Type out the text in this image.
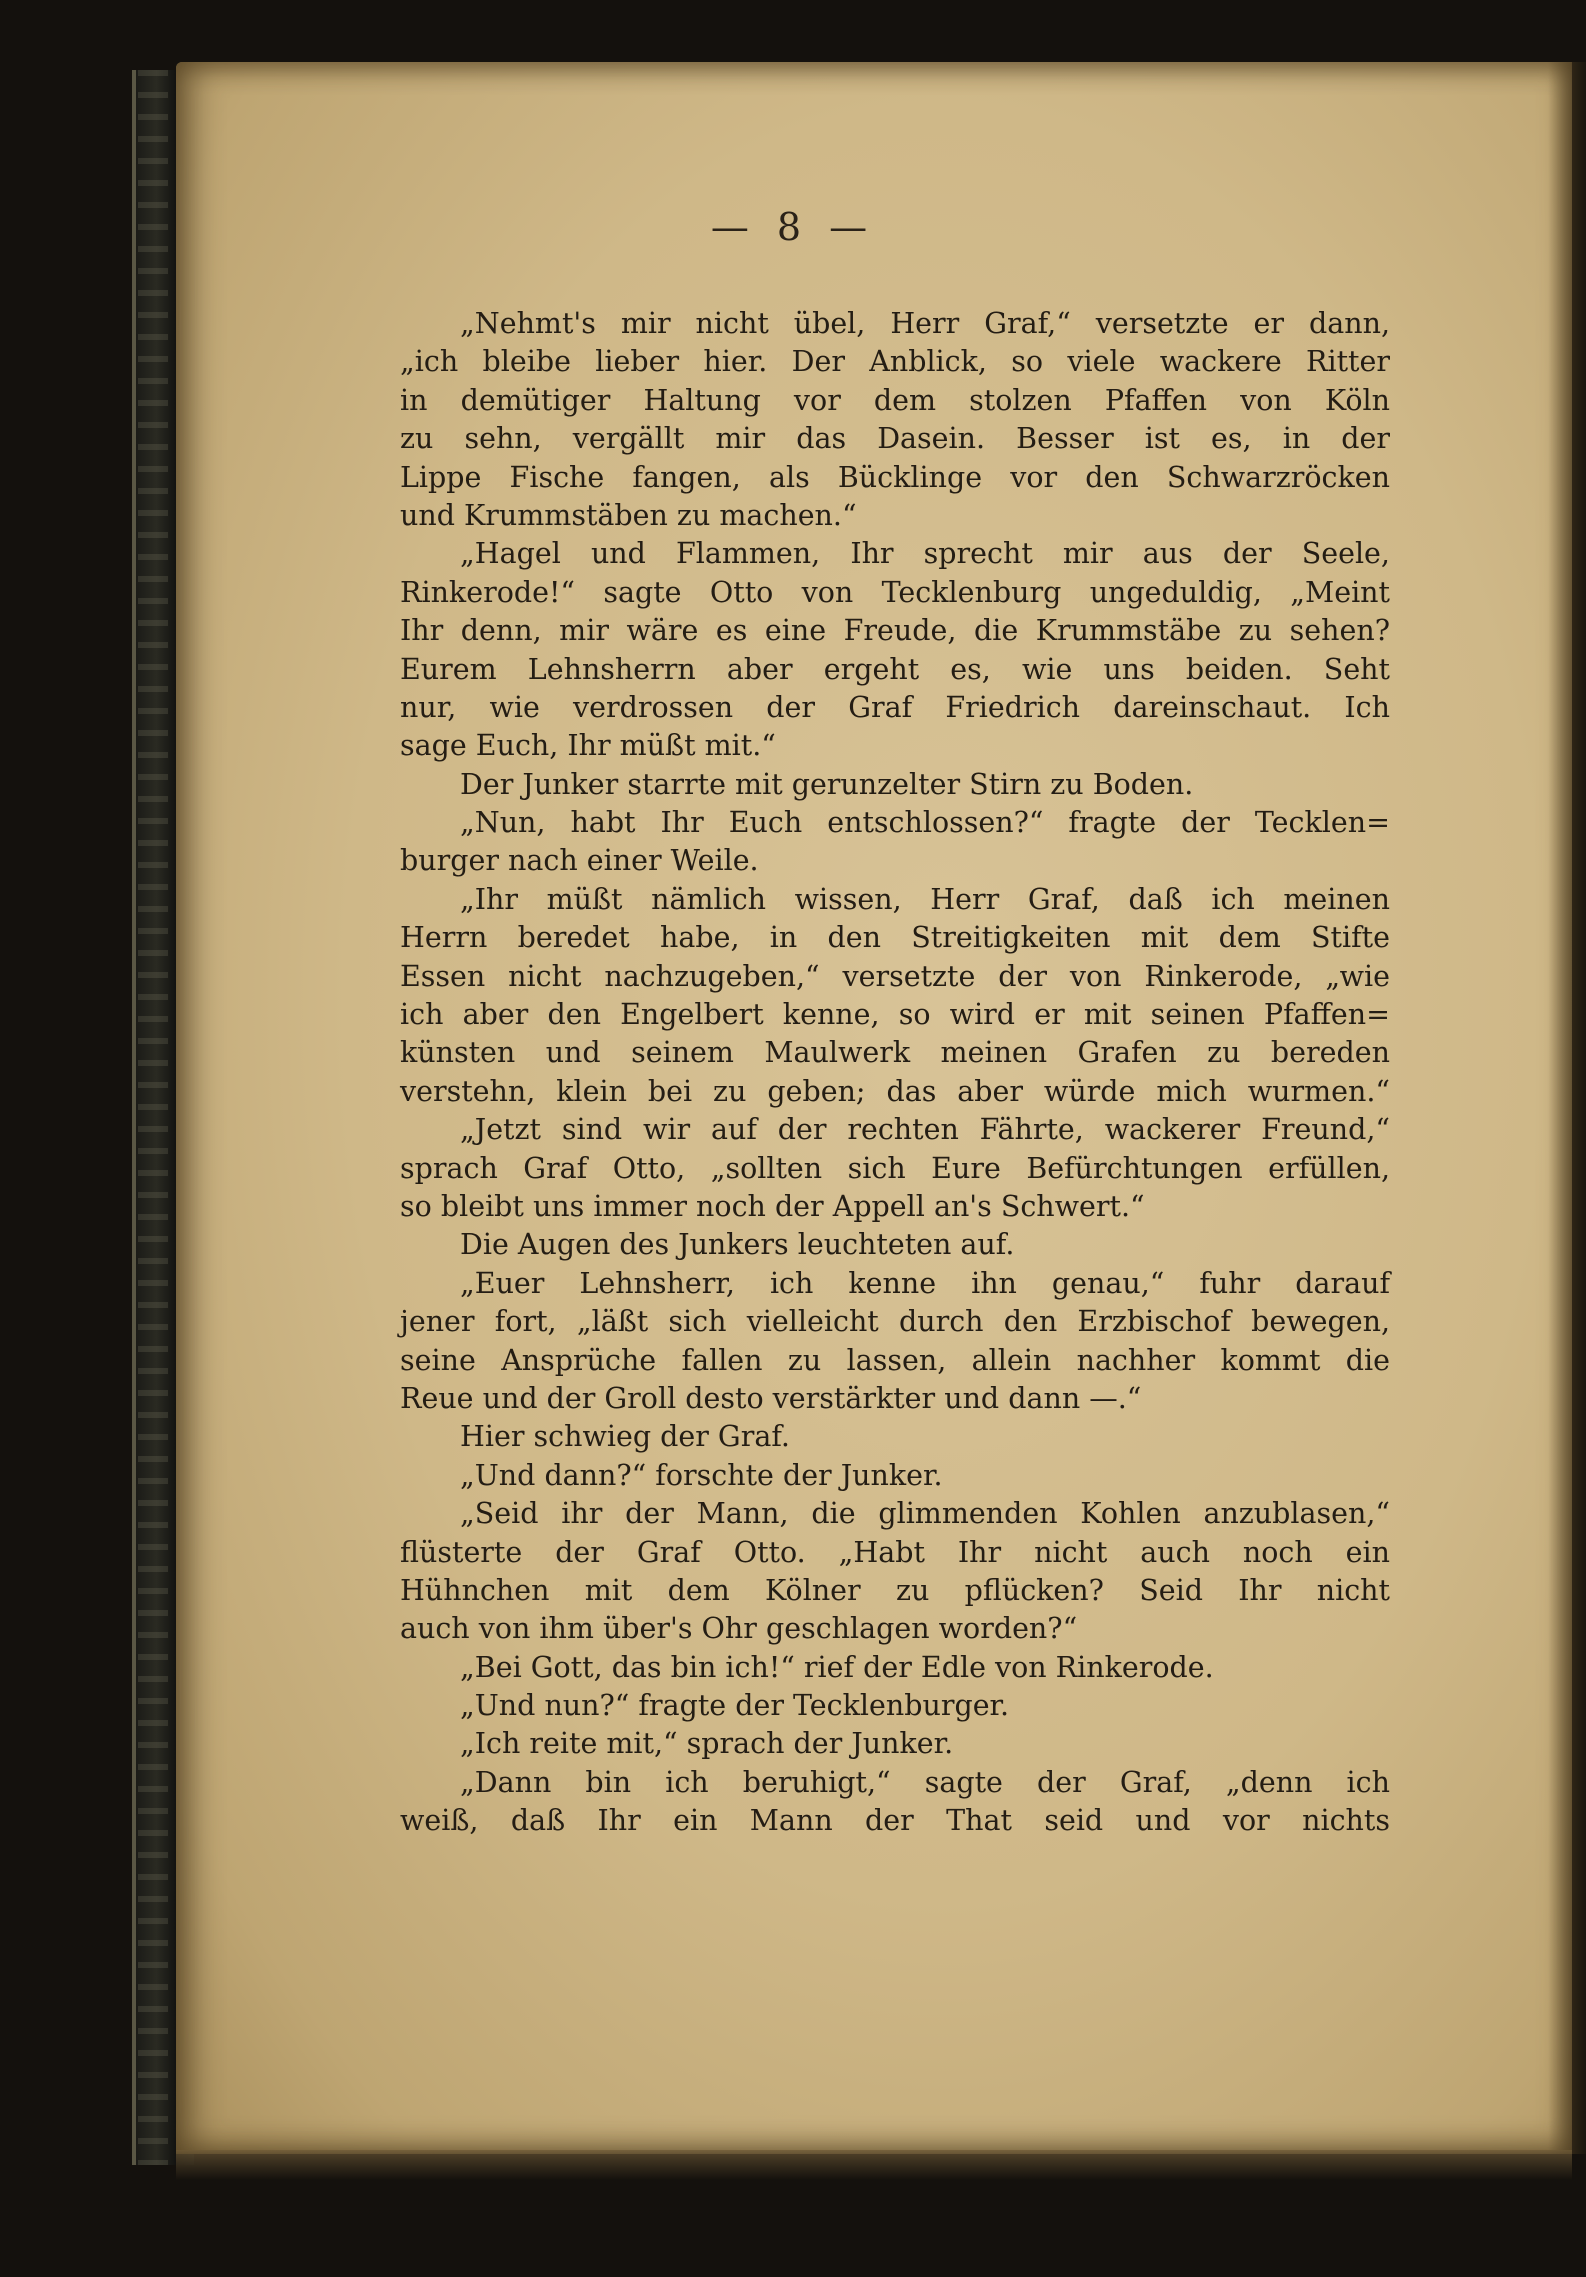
— 8 —
„Nehmt's mir nicht übel, Herr Graf,“ versetzte er dann,
„ich bleibe lieber hier. Der Anblick, so viele wackere Ritter
in demütiger Haltung vor dem stolzen Pfaffen von Köln
zu sehn, vergällt mir das Dasein. Besser ist es, in der
Lippe Fische fangen, als Bücklinge vor den Schwarzröcken
und Krummstäben zu machen.“
„Hagel und Flammen, Ihr sprecht mir aus der Seele,
Rinkerode!“ sagte Otto von Tecklenburg ungeduldig, „Meint
Ihr denn, mir wäre es eine Freude, die Krummstäbe zu sehen?
Eurem Lehnsherrn aber ergeht es, wie uns beiden. Seht
nur, wie verdrossen der Graf Friedrich dareinschaut. Ich
sage Euch, Ihr müßt mit.“
Der Junker starrte mit gerunzelter Stirn zu Boden.
„Nun, habt Ihr Euch entschlossen?“ fragte der Tecklen=
burger nach einer Weile.
„Ihr müßt nämlich wissen, Herr Graf, daß ich meinen
Herrn beredet habe, in den Streitigkeiten mit dem Stifte
Essen nicht nachzugeben,“ versetzte der von Rinkerode, „wie
ich aber den Engelbert kenne, so wird er mit seinen Pfaffen=
künsten und seinem Maulwerk meinen Grafen zu bereden
verstehn, klein bei zu geben; das aber würde mich wurmen.“
„Jetzt sind wir auf der rechten Fährte, wackerer Freund,“
sprach Graf Otto, „sollten sich Eure Befürchtungen erfüllen,
so bleibt uns immer noch der Appell an's Schwert.“
Die Augen des Junkers leuchteten auf.
„Euer Lehnsherr, ich kenne ihn genau,“ fuhr darauf
jener fort, „läßt sich vielleicht durch den Erzbischof bewegen,
seine Ansprüche fallen zu lassen, allein nachher kommt die
Reue und der Groll desto verstärkter und dann —.“
Hier schwieg der Graf.
„Und dann?“ forschte der Junker.
„Seid ihr der Mann, die glimmenden Kohlen anzublasen,“
flüsterte der Graf Otto. „Habt Ihr nicht auch noch ein
Hühnchen mit dem Kölner zu pflücken? Seid Ihr nicht
auch von ihm über's Ohr geschlagen worden?“
„Bei Gott, das bin ich!“ rief der Edle von Rinkerode.
„Und nun?“ fragte der Tecklenburger.
„Ich reite mit,“ sprach der Junker.
„Dann bin ich beruhigt,“ sagte der Graf, „denn ich
weiß, daß Ihr ein Mann der That seid und vor nichts
